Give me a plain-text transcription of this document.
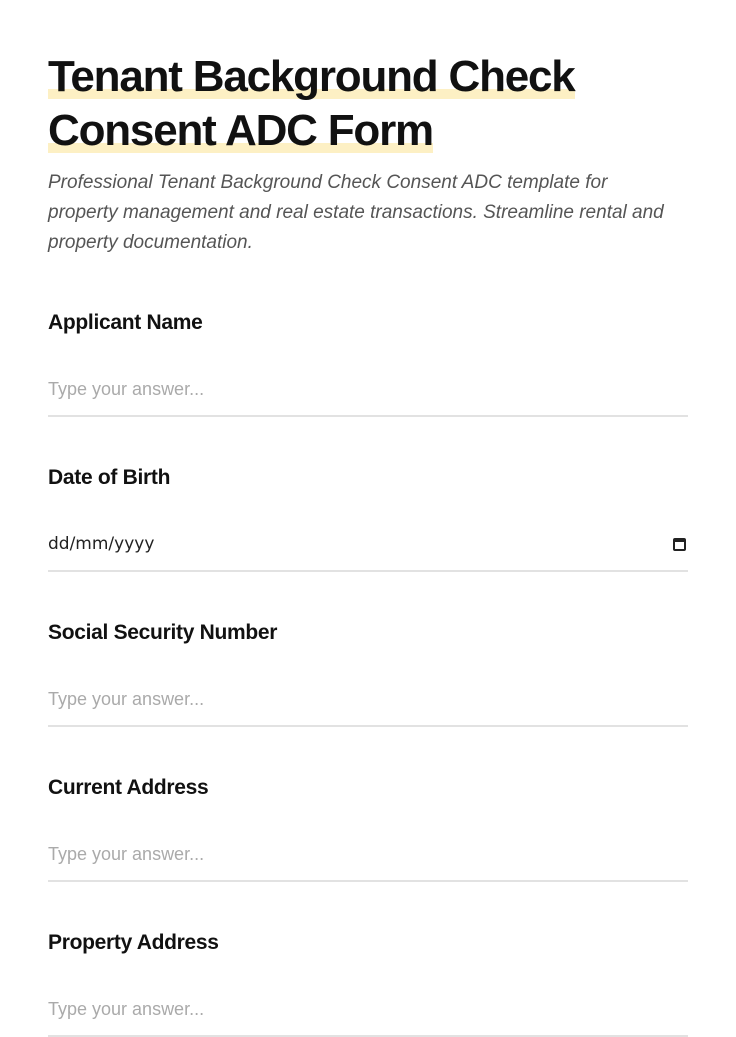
Tenant Background Check Consent ADC Form

Professional Tenant Background Check Consent ADC template for property management and real estate transactions. Streamline rental and property documentation.

Applicant Name
Type your answer...
Date of Birth
dd/mm/yyyy
Social Security Number
Type your answer...
Current Address
Type your answer...
Property Address
Type your answer...
